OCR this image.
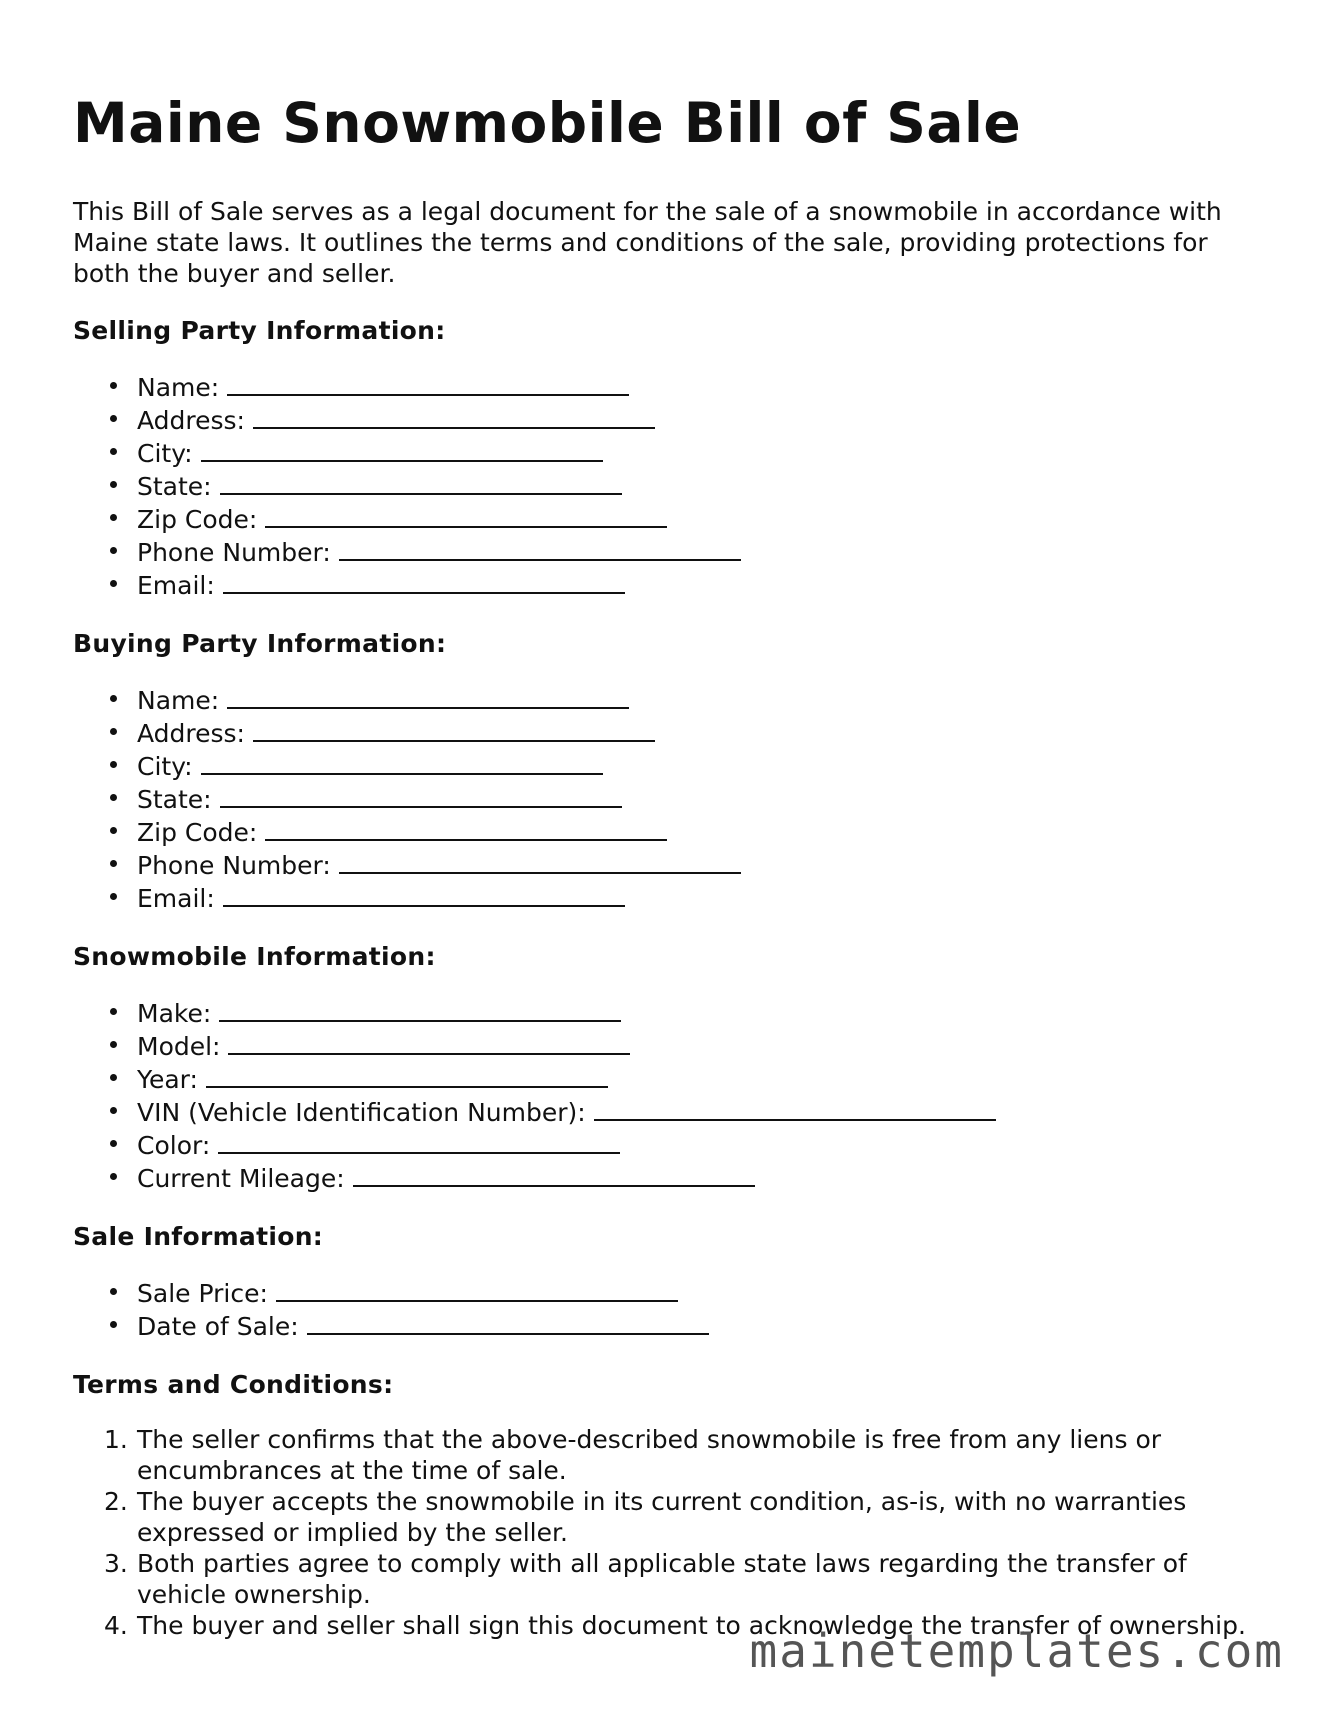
Maine Snowmobile Bill of Sale

This Bill of Sale serves as a legal document for the sale of a snowmobile in accordance with Maine state laws. It outlines the terms and conditions of the sale, providing protections for both the buyer and seller.

Selling Party Information:
Name:
Address:
City:
State:
Zip Code:
Phone Number:
Email:
Buying Party Information:
Name:
Address:
City:
State:
Zip Code:
Phone Number:
Email:
Snowmobile Information:
Make:
Model:
Year:
VIN (Vehicle Identification Number):
Color:
Current Mileage:
Sale Information:
Sale Price:
Date of Sale:
Terms and Conditions:
1. The seller confirms that the above-described snowmobile is free from any liens or encumbrances at the time of sale.
2. The buyer accepts the snowmobile in its current condition, as-is, with no warranties expressed or implied by the seller.
3. Both parties agree to comply with all applicable state laws regarding the transfer of vehicle ownership.
4. The buyer and seller shall sign this document to acknowledge the transfer of ownership.
mainetemplates.com
